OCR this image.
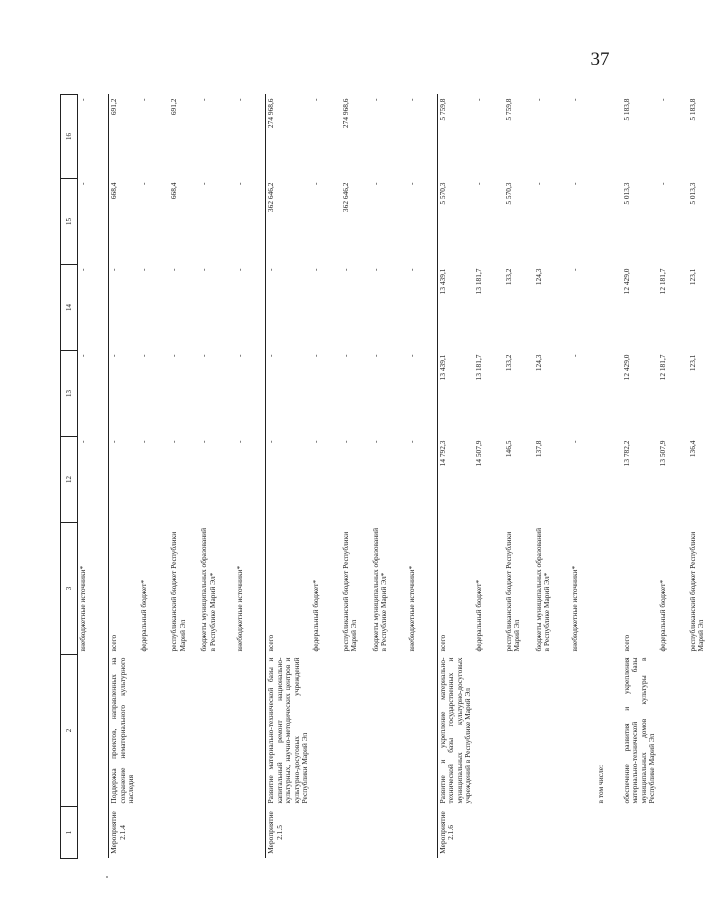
37
1	2	3	12	13	14	15	16
		внебюджетные источники*	-	-	-	-	-
Мероприятие 2.1.4	Поддержка проектов, направленных на сохранение нематериального культурного наследия	всего	-	-	-	668,4	691,2
		федеральный бюджет*	-	-	-	-	-
		республиканский бюджет Республики Марий Эл	-	-	-	668,4	691,2
		бюджеты муниципальных образований в Республике Марий Эл*	-	-	-	-	-
		внебюджетные источники*	-	-	-	-	-
Мероприятие 2.1.5	Развитие материально-технической базы и капитальный ремонт национально-культурных, научно-методических центров и культурно-досуговых учреждений Республики Марий Эл	всего	-	-	-	362 646,2	274 968,6
		федеральный бюджет*	-	-	-	-	-
		республиканский бюджет Республики Марий Эл	-	-	-	362 646,2	274 968,6
		бюджеты муниципальных образований в Республике Марий Эл*	-	-	-	-	-
		внебюджетные источники*	-	-	-	-	-
Мероприятие 2.1.6	Развитие и укрепление материально-технической базы государственных и муниципальных культурно-досуговых учреждений в Республике Марий Эл	всего	14 792,3	13 439,1	13 439,1	5 570,3	5 759,8
		федеральный бюджет*	14 507,9	13 181,7	13 181,7	-	-
		республиканский бюджет Республики Марий Эл	146,5	133,2	133,2	5 570,3	5 759,8
		бюджеты муниципальных образований в Республике Марий Эл*	137,8	124,3	124,3	-	-
		внебюджетные источники*	-	-	-	-	-
	в том числе:						
	обеспечение развития и укрепления материально-технической базы муниципальных домов культуры в Республике Марий Эл	всего	13 782,2	12 429,0	12 429,0	5 013,3	5 183,8
		федеральный бюджет*	13 507,9	12 181,7	12 181,7	-	-
		республиканский бюджет Республики Марий Эл	136,4	123,1	123,1	5 013,3	5 183,8
